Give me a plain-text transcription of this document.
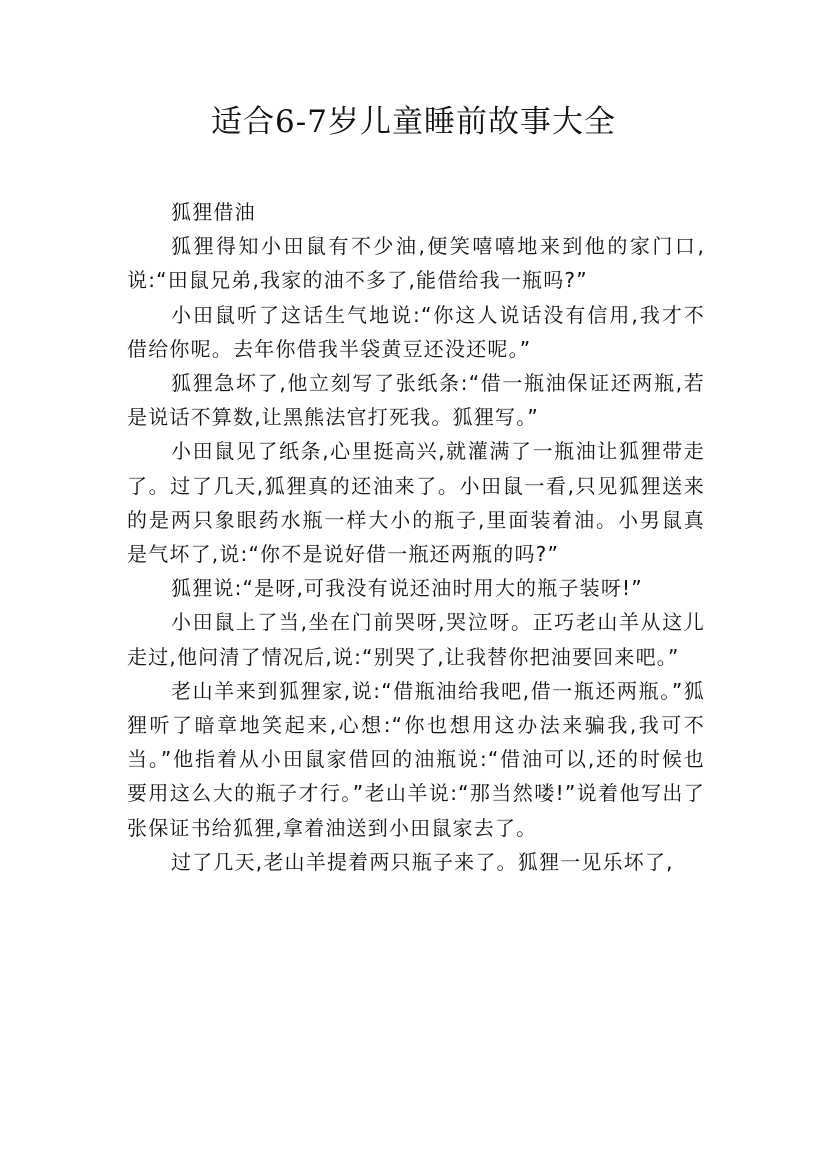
适合6-7岁儿童睡前故事大全

狐狸借油

狐狸得知小田鼠有不少油,便笑嘻嘻地来到他的家门口,说:“田鼠兄弟,我家的油不多了,能借给我一瓶吗?”

小田鼠听了这话生气地说:“你这人说话没有信用,我才不借给你呢。去年你借我半袋黄豆还没还呢。”

狐狸急坏了,他立刻写了张纸条:“借一瓶油保证还两瓶,若是说话不算数,让黑熊法官打死我。狐狸写。”

小田鼠见了纸条,心里挺高兴,就灌满了一瓶油让狐狸带走了。过了几天,狐狸真的还油来了。小田鼠一看,只见狐狸送来的是两只象眼药水瓶一样大小的瓶子,里面装着油。小男鼠真是气坏了,说:“你不是说好借一瓶还两瓶的吗?”

狐狸说:“是呀,可我没有说还油时用大的瓶子装呀!”

小田鼠上了当,坐在门前哭呀,哭泣呀。正巧老山羊从这儿走过,他问清了情况后,说:“别哭了,让我替你把油要回来吧。”

老山羊来到狐狸家,说:“借瓶油给我吧,借一瓶还两瓶。”狐狸听了暗章地笑起来,心想:“你也想用这办法来骗我,我可不当。”他指着从小田鼠家借回的油瓶说:“借油可以,还的时候也要用这么大的瓶子才行。”老山羊说:“那当然喽!”说着他写出了张保证书给狐狸,拿着油送到小田鼠家去了。

过了几天,老山羊提着两只瓶子来了。狐狸一见乐坏了,
